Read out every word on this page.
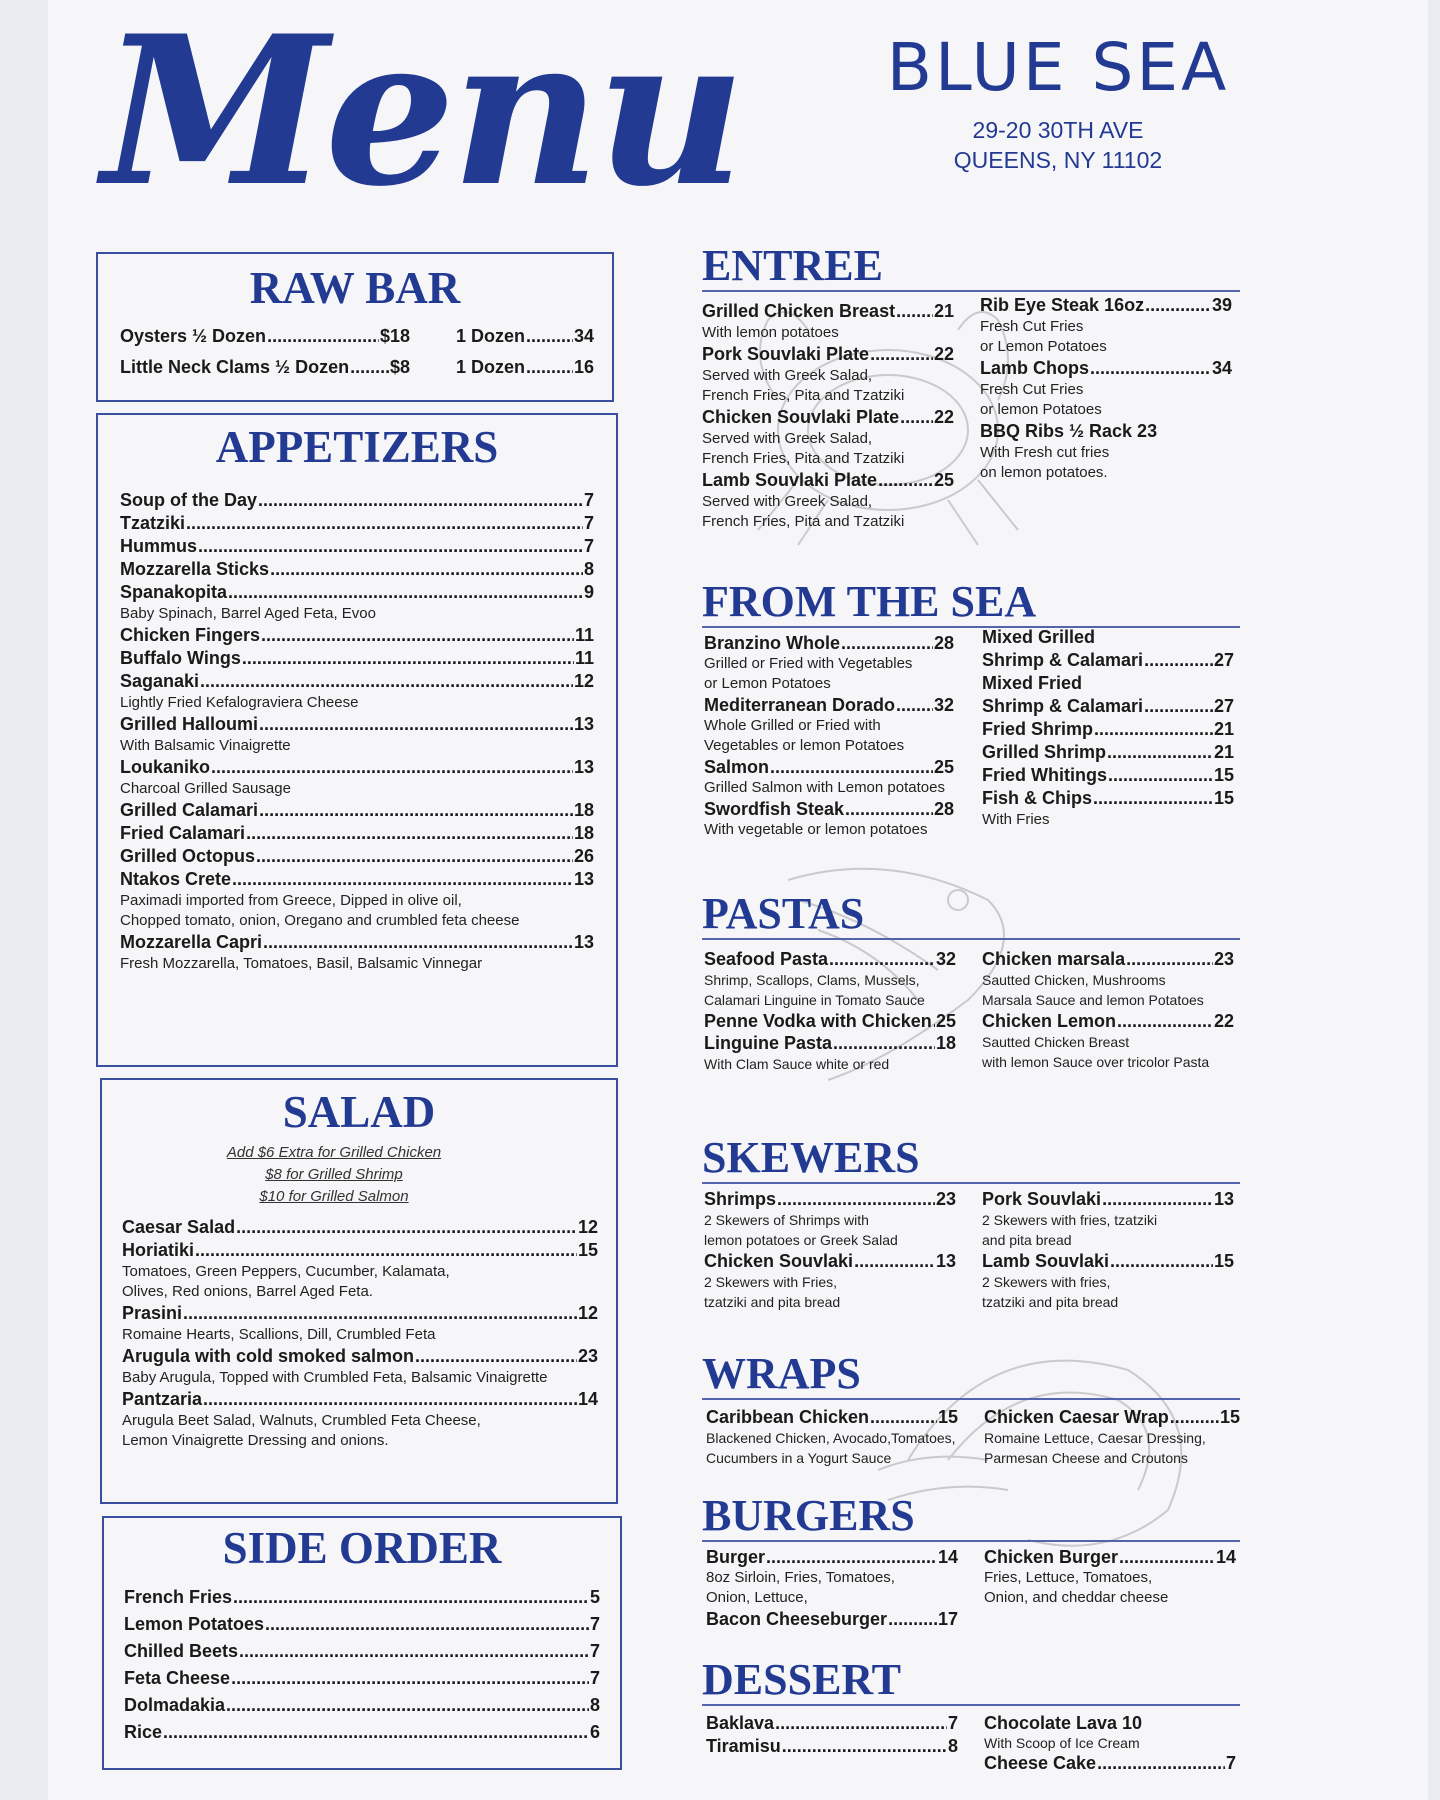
Menu BLUE SEA
29-20 30TH AVE
QUEENS, NY 11102
RAW BAR
Oysters ½ Dozen .....	$18	1 Dozen .....	34
Little Neck Clams ½ Dozen ..... $8	1 Dozen .....	16
APPETIZERS
Soup of the Day .....	7
Tzatziki .....	7
Hummus .....	7
Mozzarella Sticks .....	8
Spanakopita .....	9
Baby Spinach, Barrel Aged Feta, Evoo
Chicken Fingers .....	11
Buffalo Wings .....	11
Saganaki .....	12
Lightly Fried Kefalograviera Cheese
Grilled Halloumi .....	13
With Balsamic Vinaigrette
Loukaniko .....	13
Charcoal Grilled Sausage
Grilled Calamari .....	18
Fried Calamari .....	18
Grilled Octopus .....	26
Ntakos Crete .....	13
Paximadi imported from Greece, Dipped in olive oil,
Chopped tomato, onion, Oregano and crumbled feta cheese
Mozzarella Capri .....	13
Fresh Mozzarella, Tomatoes, Basil, Balsamic Vinnegar
SALAD
Add $6 Extra for Grilled Chicken
$8 for Grilled Shrimp
$10 for Grilled Salmon
Caesar Salad .....	12
Horiatiki .....	15
Tomatoes, Green Peppers, Cucumber, Kalamata,
Olives, Red onions, Barrel Aged Feta.
Prasini .....	12
Romaine Hearts, Scallions, Dill, Crumbled Feta
Arugula with cold smoked salmon .....	23
Baby Arugula, Topped with Crumbled Feta, Balsamic Vinaigrette
Pantzaria .....	14
Arugula Beet Salad, Walnuts, Crumbled Feta Cheese,
Lemon Vinaigrette Dressing and onions.
SIDE ORDER
French Fries .....	5
Lemon Potatoes .....	7
Chilled Beets .....	7
Feta Cheese .....	7
Dolmadakia .....	8
Rice .....	6
ENTREE
Grilled Chicken Breast ..... 21
With lemon potatoes
Pork Souvlaki Plate .....	22
Served with Greek Salad,
French Fries, Pita and Tzatziki
Chicken Souvlaki Plate ..... 22
Served with Greek Salad,
French Fries, Pita and Tzatziki
Lamb Souvlaki Plate .....	25
Served with Greek Salad,
French Fries, Pita and Tzatziki
Rib Eye Steak 16oz .....	39
Fresh Cut Fries
or Lemon Potatoes
Lamb Chops .....	34
Fresh Cut Fries
or lemon Potatoes
BBQ Ribs ½ Rack 23
With Fresh cut fries
on lemon potatoes.
FROM THE SEA
Branzino Whole .....	28
Grilled or Fried with Vegetables
or Lemon Potatoes
Mediterranean Dorado ..... 32
Whole Grilled or Fried with
Vegetables or lemon Potatoes
Salmon .....	25
Grilled Salmon with Lemon potatoes
Swordfish Steak .....	28
With vegetable or lemon potatoes
Mixed Grilled
Shrimp & Calamari .....	27
Mixed Fried
Shrimp & Calamari .....	27
Fried Shrimp .....	21
Grilled Shrimp .....	21
Fried Whitings .....	15
Fish & Chips .....	15
With Fries
PASTAS
Seafood Pasta .....	32
Shrimp, Scallops, Clams, Mussels,
Calamari Linguine in Tomato Sauce
Penne Vodka with Chicken ..... 25
Linguine Pasta .....	18
With Clam Sauce white or red
Chicken marsala .....	23
Sautted Chicken, Mushrooms
Marsala Sauce and lemon Potatoes
Chicken Lemon .....	22
Sautted Chicken Breast
with lemon Sauce over tricolor Pasta
SKEWERS
Shrimps .....	23
2 Skewers of Shrimps with
lemon potatoes or Greek Salad
Chicken Souvlaki .....	13
2 Skewers with Fries,
tzatziki and pita bread
Pork Souvlaki .....	13
2 Skewers with fries, tzatziki
and pita bread
Lamb Souvlaki .....	15
2 Skewers with fries,
tzatziki and pita bread
WRAPS
Caribbean Chicken .....	15
Blackened Chicken, Avocado,Tomatoes,
Cucumbers in a Yogurt Sauce
Chicken Caesar Wrap .....	15
Romaine Lettuce, Caesar Dressing,
Parmesan Cheese and Croutons
BURGERS
Burger .....	14
8oz Sirloin, Fries, Tomatoes,
Onion, Lettuce,
Bacon Cheeseburger .....	17
Chicken Burger .....	14
Fries, Lettuce, Tomatoes,
Onion, and cheddar cheese
DESSERT
Baklava .....	7
Tiramisu .....	8
Chocolate Lava 10
With Scoop of Ice Cream
Cheese Cake .....	7
